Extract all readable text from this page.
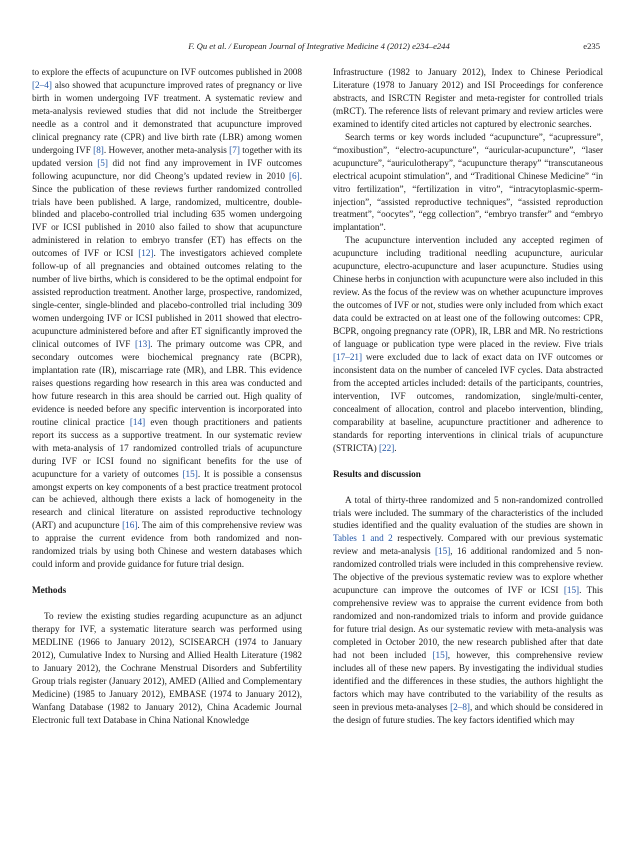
F. Qu et al. / European Journal of Integrative Medicine 4 (2012) e234–e244	e235

to explore the effects of acupuncture on IVF outcomes published in 2008 [2–4] also showed that acupuncture improved rates of pregnancy or live birth in women undergoing IVF treatment. A systematic review and meta-analysis reviewed studies that did not include the Streitberger needle as a control and it demonstrated that acupuncture improved clinical pregnancy rate (CPR) and live birth rate (LBR) among women undergoing IVF [8]. However, another meta-analysis [7] together with its updated version [5] did not find any improvement in IVF outcomes following acupuncture, nor did Cheong’s updated review in 2010 [6]. Since the publication of these reviews further randomized controlled trials have been published. A large, randomized, multicentre, double-blinded and placebo-controlled trial including 635 women undergoing IVF or ICSI published in 2010 also failed to show that acupuncture administered in relation to embryo transfer (ET) has effects on the outcomes of IVF or ICSI [12]. The investigators achieved complete follow-up of all pregnancies and obtained outcomes relating to the number of live births, which is considered to be the optimal endpoint for assisted reproduction treatment. Another large, prospective, randomized, single-center, single-blinded and placebo-controlled trial including 309 women undergoing IVF or ICSI published in 2011 showed that electro-acupuncture administered before and after ET significantly improved the clinical outcomes of IVF [13]. The primary outcome was CPR, and secondary outcomes were biochemical pregnancy rate (BCPR), implantation rate (IR), miscarriage rate (MR), and LBR. This evidence raises questions regarding how research in this area was conducted and how future research in this area should be carried out. High quality of evidence is needed before any specific intervention is incorporated into routine clinical practice [14] even though practitioners and patients report its success as a supportive treatment. In our systematic review with meta-analysis of 17 randomized controlled trials of acupuncture during IVF or ICSI found no significant benefits for the use of acupuncture for a variety of outcomes [15]. It is possible a consensus amongst experts on key components of a best practice treatment protocol can be achieved, although there exists a lack of homogeneity in the research and clinical literature on assisted reproductive technology (ART) and acupuncture [16]. The aim of this comprehensive review was to appraise the current evidence from both randomized and non-randomized trials by using both Chinese and western databases which could inform and provide guidance for future trial design.

Methods

To review the existing studies regarding acupuncture as an adjunct therapy for IVF, a systematic literature search was performed using MEDLINE (1966 to January 2012), SCISEARCH (1974 to January 2012), Cumulative Index to Nursing and Allied Health Literature (1982 to January 2012), the Cochrane Menstrual Disorders and Subfertility Group trials register (January 2012), AMED (Allied and Complementary Medicine) (1985 to January 2012), EMBASE (1974 to January 2012), Wanfang Database (1982 to January 2012), China Academic Journal Electronic full text Database in China National Knowledge

Infrastructure (1982 to January 2012), Index to Chinese Periodical Literature (1978 to January 2012) and ISI Proceedings for conference abstracts, and ISRCTN Register and meta-register for controlled trials (mRCT). The reference lists of relevant primary and review articles were examined to identify cited articles not captured by electronic searches.

Search terms or key words included “acupuncture”, “acupressure”, “moxibustion”, “electro-acupuncture”, “auricular-acupuncture”, “laser acupuncture”, “auriculotherapy”, “acupuncture therapy” “transcutaneous electrical acupoint stimulation”, and “Traditional Chinese Medicine” “in vitro fertilization”, “fertilization in vitro”, “intracytoplasmic-sperm-injection”, “assisted reproductive techniques”, “assisted reproduction treatment”, “oocytes”, “egg collection”, “embryo transfer” and “embryo implantation”.

The acupuncture intervention included any accepted regimen of acupuncture including traditional needling acupuncture, auricular acupuncture, electro-acupuncture and laser acupuncture. Studies using Chinese herbs in conjunction with acupuncture were also included in this review. As the focus of the review was on whether acupuncture improves the outcomes of IVF or not, studies were only included from which exact data could be extracted on at least one of the following outcomes: CPR, BCPR, ongoing pregnancy rate (OPR), IR, LBR and MR. No restrictions of language or publication type were placed in the review. Five trials [17–21] were excluded due to lack of exact data on IVF outcomes or inconsistent data on the number of canceled IVF cycles. Data abstracted from the accepted articles included: details of the participants, countries, intervention, IVF outcomes, randomization, single/multi-center, concealment of allocation, control and placebo intervention, blinding, comparability at baseline, acupuncture practitioner and adherence to standards for reporting interventions in clinical trials of acupuncture (STRICTA) [22].

Results and discussion

A total of thirty-three randomized and 5 non-randomized controlled trials were included. The summary of the characteristics of the included studies identified and the quality evaluation of the studies are shown in Tables 1 and 2 respectively. Compared with our previous systematic review and meta-analysis [15], 16 additional randomized and 5 non-randomized controlled trials were included in this comprehensive review. The objective of the previous systematic review was to explore whether acupuncture can improve the outcomes of IVF or ICSI [15]. This comprehensive review was to appraise the current evidence from both randomized and non-randomized trials to inform and provide guidance for future trial design. As our systematic review with meta-analysis was completed in October 2010, the new research published after that date had not been included [15], however, this comprehensive review includes all of these new papers. By investigating the individual studies identified and the differences in these studies, the authors highlight the factors which may have contributed to the variability of the results as seen in previous meta-analyses [2–8], and which should be considered in the design of future studies. The key factors identified which may
